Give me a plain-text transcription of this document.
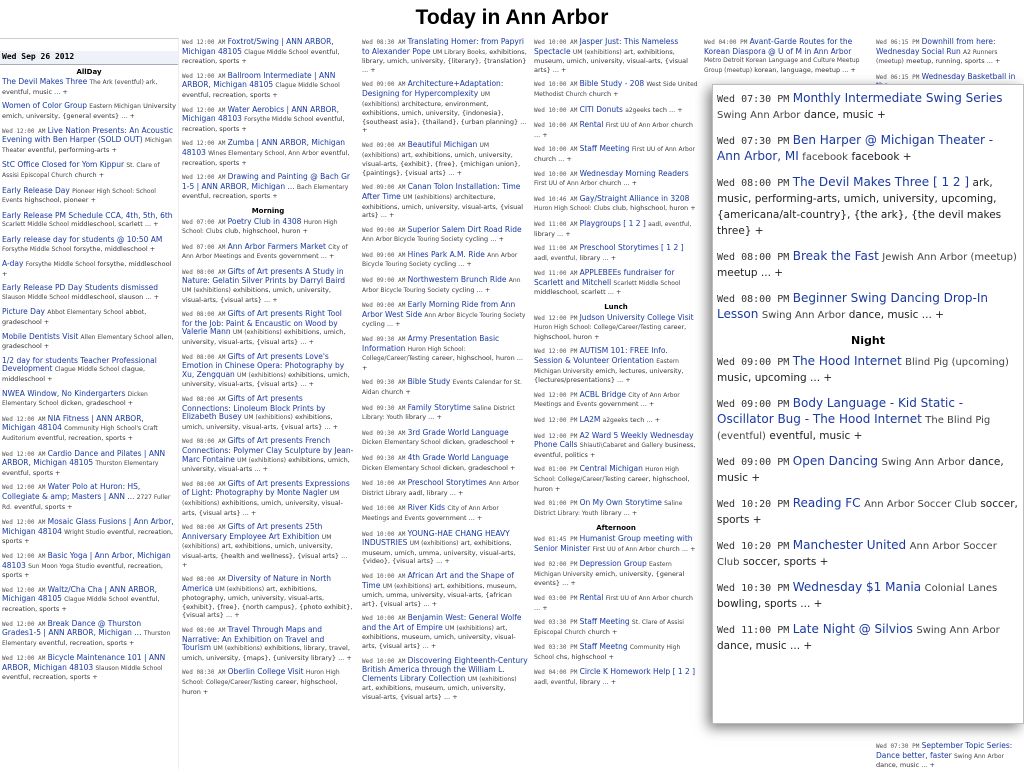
Today in Ann Arbor
Wed Sep 26 2012
AllDay
The Devil Makes Three The Ark (eventful) ark, eventful, music ... +
Women of Color Group Eastern Michigan University emich, university, {general events} ... +
Wed 12:00 AM Live Nation Presents: An Acoustic Evening with Ben Harper (SOLD OUT) Michigan Theater eventful, performing-arts +
StC Office Closed for Yom Kippur St. Clare of Assisi Episcopal Church church +
Early Release Day Pioneer High School: School Events highschool, pioneer +
Early Release PM Schedule CCA, 4th, 5th, 6th Scarlett Middle School middleschool, scarlett ... +
Early release day for students @ 10:50 AM Forsythe Middle School forsythe, middleschool +
A-day Forsythe Middle School forsythe, middleschool +
Early Release PD Day Students dismissed Slauson Middle School middleschool, slauson ... +
Picture Day Abbot Elementary School abbot, gradeschool +
Mobile Dentists Visit Allen Elementary School allen, gradeschool +
1/2 day for students Teacher Professional Development Clague Middle School clague, middleschool +
NWEA Window, No Kindergarters Dicken Elementary School dicken, gradeschool +
Wed 12:00 AM NIA Fitness | ANN ARBOR, Michigan 48104 Community High School's Craft Auditorium eventful, recreation, sports +
Wed 12:00 AM Cardio Dance and Pilates | ANN ARBOR, Michigan 48105 Thurston Elementary eventful, sports +
Wed 12:00 AM Water Polo at Huron: HS, Collegiate & amp; Masters | ANN ... 2727 Fuller Rd. eventful, sports +
Wed 12:00 AM Mosaic Glass Fusions | Ann Arbor, Michigan 48104 Wright Studio eventful, recreation, sports +
Wed 12:00 AM Basic Yoga | Ann Arbor, Michigan 48103 Sun Moon Yoga Studio eventful, recreation, sports +
Wed 12:00 AM Waltz/Cha Cha | ANN ARBOR, Michigan 48105 Clague Middle School eventful, recreation, sports +
Wed 12:00 AM Break Dance @ Thurston Grades1-5 | ANN ARBOR, Michigan ... Thurston Elementary eventful, recreation, sports +
Wed 12:00 AM Bicycle Maintenance 101 | ANN ARBOR, Michigan 48103 Slauson Middle School eventful, recreation, sports +
Wed 12:00 AM Foxtrot/Swing | ANN ARBOR, Michigan 48105 Clague Middle School eventful, recreation, sports +
Wed 12:00 AM Ballroom Intermediate | ANN ARBOR, Michigan 48105 Clague Middle School eventful, recreation, sports +
Wed 12:00 AM Water Aerobics | ANN ARBOR, Michigan 48103 Forsythe Middle School eventful, recreation, sports +
Wed 12:00 AM Zumba | ANN ARBOR, Michigan 48103 Wines Elementary School, Ann Arbor eventful, recreation, sports +
Wed 12:00 AM Drawing and Painting @ Bach Gr 1-5 | ANN ARBOR, Michigan ... Bach Elementary eventful, recreation, sports +
Morning
Wed 07:00 AM Poetry Club in 4308 Huron High School: Clubs club, highschool, huron +
Wed 07:00 AM Ann Arbor Farmers Market City of Ann Arbor Meetings and Events government ... +
Wed 08:00 AM Gifts of Art presents A Study in Nature: Gelatin Silver Prints by Darryl Baird UM (exhibitions) exhibitions, umich, university, visual-arts, {visual arts} ... +
Wed 08:00 AM Gifts of Art presents Right Tool for the Job: Paint & Encaustic on Wood by Valerie Mann UM (exhibitions) exhibitions, umich, university, visual-arts, {visual arts} ... +
Wed 08:00 AM Gifts of Art presents Love's Emotion in Chinese Opera: Photography by Xu, Zengquan UM (exhibitions) exhibitions, umich, university, visual-arts, {visual arts} ... +
Wed 08:00 AM Gifts of Art presents Connections: Linoleum Block Prints by Elizabeth Busey UM (exhibitions) exhibitions, umich, university, visual-arts, {visual arts} ... +
Wed 08:00 AM Gifts of Art presents French Connections: Polymer Clay Sculpture by Jean-Marc Fontaine UM (exhibitions) exhibitions, umich, university, visual-arts ... +
Wed 08:00 AM Gifts of Art presents Expressions of Light: Photography by Monte Nagler UM (exhibitions) exhibitions, umich, university, visual-arts, {visual arts} ... +
Wed 08:00 AM Gifts of Art presents 25th Anniversary Employee Art Exhibition UM (exhibitions) art, exhibitions, umich, university, visual-arts, {health and wellness}, {visual arts} ... +
Wed 08:00 AM Diversity of Nature in North America UM (exhibitions) art, exhibitions, photography, umich, university, visual-arts, {exhibit}, {free}, {north campus}, {photo exhibit}, {visual arts} ... +
Wed 08:00 AM Travel Through Maps and Narrative: An Exhibition on Travel and Tourism UM (exhibitions) exhibitions, library, travel, umich, university, {maps}, {university library} ... +
Wed 08:30 AM Oberlin College Visit Huron High School: College/Career/Testing career, highschool, huron +
Wed 08:30 AM Translating Homer: from Papyri to Alexander Pope UM Library Books, exhibitions, library, umich, university, {literary}, {translation} ... +
Wed 09:00 AM Architecture+Adaptation: Designing for Hypercomplexity UM (exhibitions) architecture, environment, exhibitions, umich, university, {indonesia}, {southeast asia}, {thailand}, {urban planning} ... +
Wed 09:00 AM Beautiful Michigan UM (exhibitions) art, exhibitions, umich, university, visual-arts, {exhibit}, {free}, {michigan union}, {paintings}, {visual arts} ... +
Wed 09:00 AM Canan Tolon Installation: Time After Time UM (exhibitions) architecture, exhibitions, umich, university, visual-arts, {visual arts} ... +
Wed 09:00 AM Superior Salem Dirt Road Ride Ann Arbor Bicycle Touring Society cycling ... +
Wed 09:00 AM Hines Park A.M. Ride Ann Arbor Bicycle Touring Society cycling ... +
Wed 09:00 AM Northwestern Brunch Ride Ann Arbor Bicycle Touring Society cycling ... +
Wed 09:00 AM Early Morning Ride from Ann Arbor West Side Ann Arbor Bicycle Touring Society cycling ... +
Wed 09:30 AM Army Presentation Basic Information Huron High School: College/Career/Testing career, highschool, huron ... +
Wed 09:30 AM Bible Study Events Calendar for St. Aidan church +
Wed 09:30 AM Family Storytime Saline District Library: Youth library ... +
Wed 09:30 AM 3rd Grade World Language Dicken Elementary School dicken, gradeschool +
Wed 09:30 AM 4th Grade World Language Dicken Elementary School dicken, gradeschool +
Wed 10:00 AM Preschool Storytimes Ann Arbor District Library aadl, library ... +
Wed 10:00 AM River Kids City of Ann Arbor Meetings and Events government ... +
Wed 10:00 AM YOUNG-HAE CHANG HEAVY INDUSTRIES UM (exhibitions) art, exhibitions, museum, umich, umma, university, visual-arts, {video}, {visual arts} ... +
Wed 10:00 AM African Art and the Shape of Time UM (exhibitions) art, exhibitions, museum, umich, umma, university, visual-arts, {african art}, {visual arts} ... +
Wed 10:00 AM Benjamin West: General Wolfe and the Art of Empire UM (exhibitions) art, exhibitions, museum, umich, university, visual-arts, {visual arts} ... +
Wed 10:00 AM Discovering Eighteenth-Century British America through the William L. Clements Library Collection UM (exhibitions) art, exhibitions, museum, umich, university, visual-arts, {visual arts} ... +
Wed 10:00 AM Jasper Just: This Nameless Spectacle UM (exhibitions) art, exhibitions, museum, umich, university, visual-arts, {visual arts} ... +
Wed 10:00 AM Bible Study - 208 West Side United Methodist Church church +
Wed 10:00 AM CITI Donuts a2geeks tech ... +
Wed 10:00 AM Rental First UU of Ann Arbor church ... +
Wed 10:00 AM Staff Meeting First UU of Ann Arbor church ... +
Wed 10:00 AM Wednesday Morning Readers First UU of Ann Arbor church ... +
Wed 10:46 AM Gay/Straight Alliance in 3208 Huron High School: Clubs club, highschool, huron +
Wed 11:00 AM Playgroups [ 1 2 ] aadl, eventful, library ... +
Wed 11:00 AM Preschool Storytimes [ 1 2 ] aadl, eventful, library ... +
Wed 11:00 AM APPLEBEEs fundraiser for Scarlett and Mitchell Scarlett Middle School middleschool, scarlett ... +
Lunch
Wed 12:00 PM Judson University College Visit Huron High School: College/Career/Testing career, highschool, huron +
Wed 12:00 PM AUTISM 101: FREE Info. Session & Volunteer Orientation Eastern Michigan University emich, lectures, university, {lectures/presentations} ... +
Wed 12:00 PM ACBL Bridge City of Ann Arbor Meetings and Events government ... +
Wed 12:00 PM LA2M a2geeks tech ... +
Wed 12:00 PM A2 Ward 5 Weekly Wednesday Phone Calls Shiauti\Cabaret and Gallery business, eventful, politics +
Wed 01:00 PM Central Michigan Huron High School: College/Career/Testing career, highschool, huron +
Wed 01:00 PM On My Own Storytime Saline District Library: Youth library ... +
Afternoon
Wed 01:45 PM Humanist Group meeting with Senior Minister First UU of Ann Arbor church ... +
Wed 02:00 PM Depression Group Eastern Michigan University emich, university, {general events} ... +
Wed 03:00 PM Rental First UU of Ann Arbor church ... +
Wed 03:30 PM Staff Meeting St. Clare of Assisi Episcopal Church church +
Wed 03:30 PM Staff Meetng Community High School chs, highschool +
Wed 04:00 PM Circle K Homework Help [ 1 2 ] aadl, eventful, library ... +
Wed 04:00 PM Avant-Garde Routes for the Korean Diaspora @ U of M in Ann Arbor Metro Detroit Korean Language and Culture Meetup Group (meetup) korean, language, meetup ... +
Wed 06:15 PM Downhill from here: Wednesday Social Run A2 Runners (meetup) meetup, running, sports ... +
Wed 06:15 PM Wednesday Basketball in
Wed 07:30 PM September Topic Series: Dance better, faster Swing Ann Arbor dance, music ... +
Wed 07:30 PM Monthly Intermediate Swing Series Swing Ann Arbor dance, music +
Wed 07:30 PM Ben Harper @ Michigan Theater - Ann Arbor, MI facebook facebook +
Wed 08:00 PM The Devil Makes Three [ 1 2 ] ark, music, performing-arts, umich, university, upcoming, {americana/alt-country}, {the ark}, {the devil makes three} +
Wed 08:00 PM Break the Fast Jewish Ann Arbor (meetup) meetup ... +
Wed 08:00 PM Beginner Swing Dancing Drop-In Lesson Swing Ann Arbor dance, music ... +
Night
Wed 09:00 PM The Hood Internet Blind Pig (upcoming) music, upcoming ... +
Wed 09:00 PM Body Language - Kid Static - Oscillator Bug - The Hood Internet The Blind Pig (eventful) eventful, music +
Wed 09:00 PM Open Dancing Swing Ann Arbor dance, music +
Wed 10:20 PM Reading FC Ann Arbor Soccer Club soccer, sports +
Wed 10:20 PM Manchester United Ann Arbor Soccer Club soccer, sports +
Wed 10:30 PM Wednesday $1 Mania Colonial Lanes bowling, sports ... +
Wed 11:00 PM Late Night @ Silvios Swing Ann Arbor dance, music ... +
